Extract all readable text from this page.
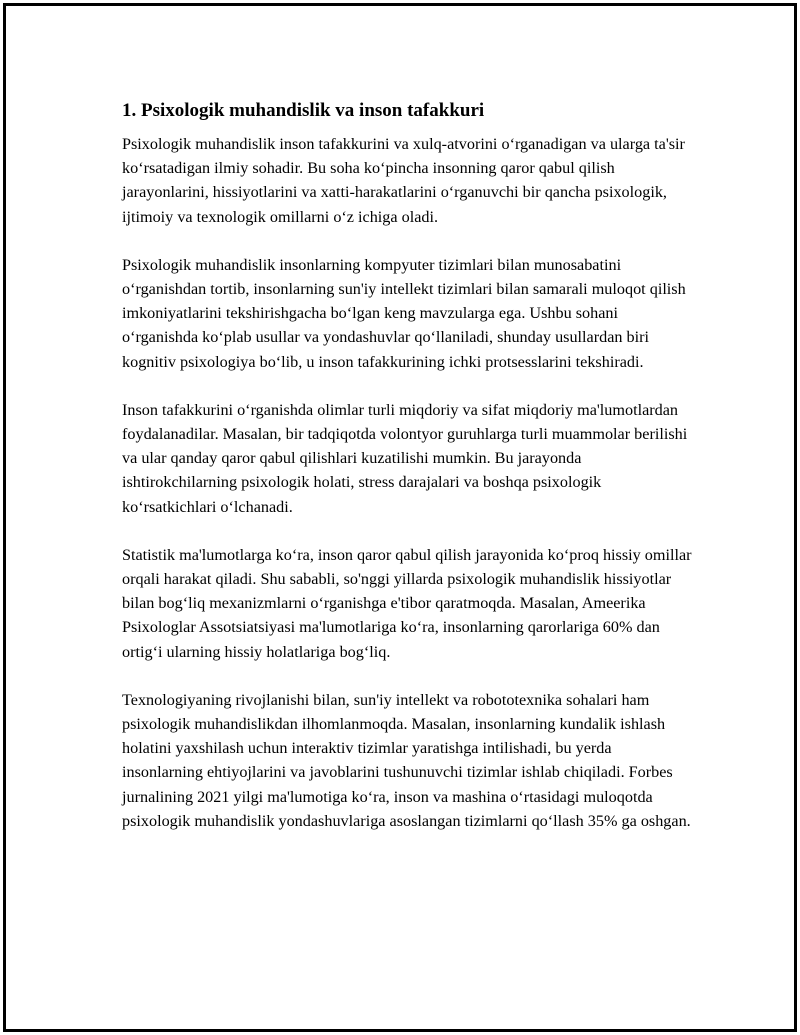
1. Psixologik muhandislik va inson tafakkuri

Psixologik muhandislik inson tafakkurini va xulq-atvorini oʻrganadigan va ularga ta'sir koʻrsatadigan ilmiy sohadir. Bu soha koʻpincha insonning qaror qabul qilish jarayonlarini, hissiyotlarini va xatti-harakatlarini oʻrganuvchi bir qancha psixologik, ijtimoiy va texnologik omillarni oʻz ichiga oladi.

Psixologik muhandislik insonlarning kompyuter tizimlari bilan munosabatini oʻrganishdan tortib, insonlarning sun'iy intellekt tizimlari bilan samarali muloqot qilish imkoniyatlarini tekshirishgacha boʻlgan keng mavzularga ega. Ushbu sohani oʻrganishda koʻplab usullar va yondashuvlar qoʻllaniladi, shunday usullardan biri kognitiv psixologiya boʻlib, u inson tafakkurining ichki protsesslarini tekshiradi.

Inson tafakkurini oʻrganishda olimlar turli miqdoriy va sifat miqdoriy ma'lumotlardan foydalanadilar. Masalan, bir tadqiqotda volontyor guruhlarga turli muammolar berilishi va ular qanday qaror qabul qilishlari kuzatilishi mumkin. Bu jarayonda ishtirokchilarning psixologik holati, stress darajalari va boshqa psixologik koʻrsatkichlari oʻlchanadi.

Statistik ma'lumotlarga koʻra, inson qaror qabul qilish jarayonida koʻproq hissiy omillar orqali harakat qiladi. Shu sababli, so'nggi yillarda psixologik muhandislik hissiyotlar bilan bogʻliq mexanizmlarni oʻrganishga e'tibor qaratmoqda. Masalan, Ameerika Psixologlar Assotsiatsiyasi ma'lumotlariga koʻra, insonlarning qarorlariga 60% dan ortigʻi ularning hissiy holatlariga bogʻliq.

Texnologiyaning rivojlanishi bilan, sun'iy intellekt va robototexnika sohalari ham psixologik muhandislikdan ilhomlanmoqda. Masalan, insonlarning kundalik ishlash holatini yaxshilash uchun interaktiv tizimlar yaratishga intilishadi, bu yerda insonlarning ehtiyojlarini va javoblarini tushunuvchi tizimlar ishlab chiqiladi. Forbes jurnalining 2021 yilgi ma'lumotiga koʻra, inson va mashina oʻrtasidagi muloqotda psixologik muhandislik yondashuvlariga asoslangan tizimlarni qoʻllash 35% ga oshgan.
